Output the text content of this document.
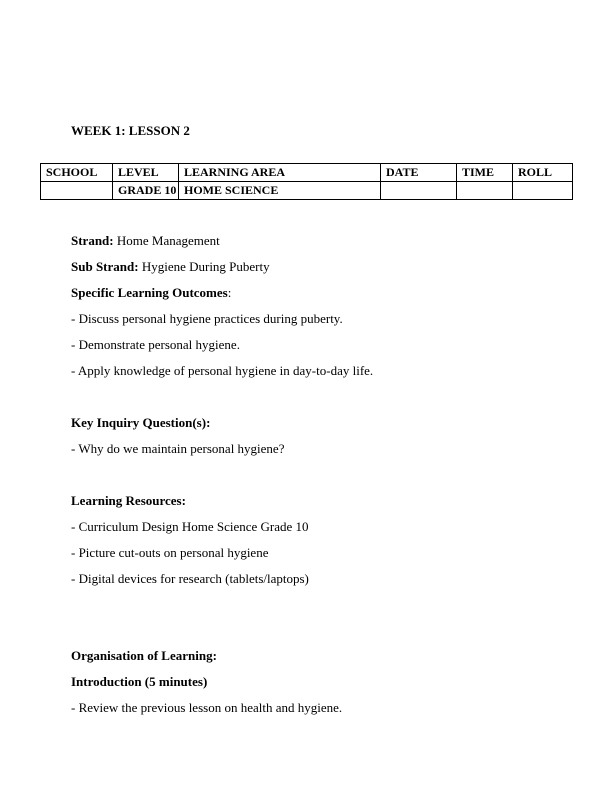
WEEK 1: LESSON 2
SCHOOL	LEVEL	LEARNING AREA	DATE	TIME	ROLL
	GRADE 10	HOME SCIENCE			

Strand: Home Management

Sub Strand: Hygiene During Puberty

Specific Learning Outcomes:

- Discuss personal hygiene practices during puberty.

- Demonstrate personal hygiene.

- Apply knowledge of personal hygiene in day-to-day life.

Key Inquiry Question(s):

- Why do we maintain personal hygiene?

Learning Resources:

- Curriculum Design Home Science Grade 10

- Picture cut-outs on personal hygiene

- Digital devices for research (tablets/laptops)

Organisation of Learning:

Introduction (5 minutes)

- Review the previous lesson on health and hygiene.
